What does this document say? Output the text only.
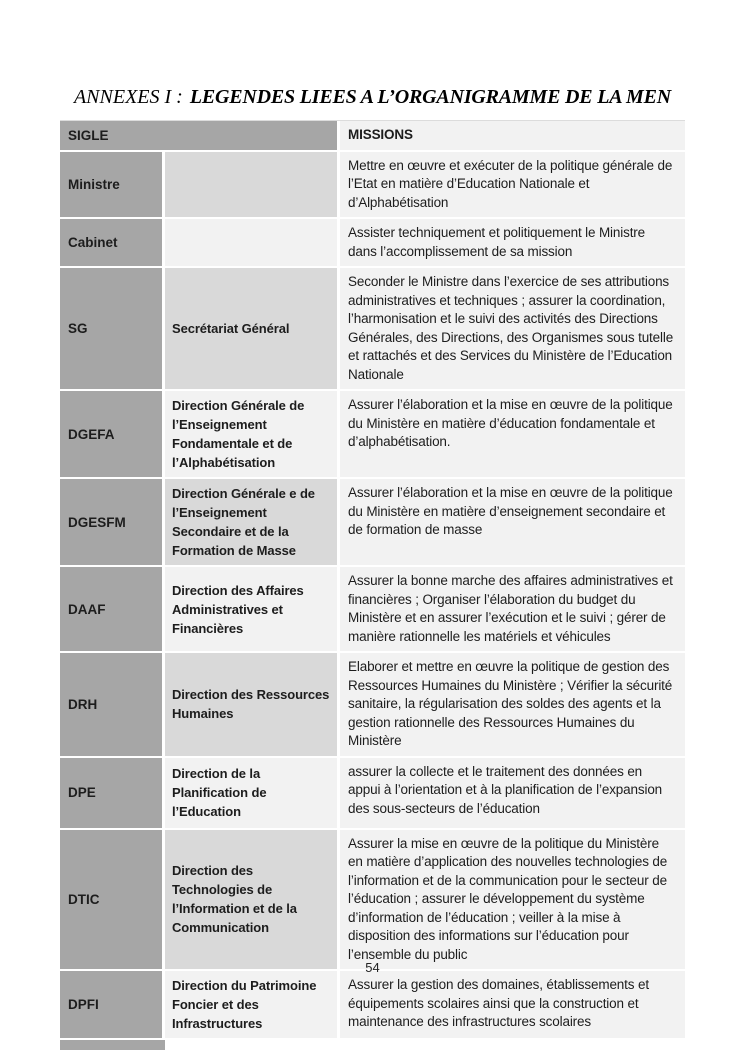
ANNEXES I : LEGENDES LIEES A L’ORGANIGRAMME DE LA MEN
SIGLE		MISSIONS
Ministre		Mettre en œuvre et exécuter de la politique générale de l’Etat en matière d’Education Nationale et d’Alphabétisation
Cabinet		Assister techniquement et politiquement le Ministre dans l’accomplissement de sa mission
SG	Secrétariat Général	Seconder le Ministre dans l’exercice de ses attributions administratives et techniques ; assurer la coordination, l’harmonisation et le suivi des activités des Directions Générales, des Directions, des Organismes sous tutelle et rattachés et des Services du Ministère de l’Education Nationale
DGEFA	Direction Générale de l’Enseignement Fondamentale et de l’Alphabétisation	Assurer l’élaboration et la mise en œuvre de la politique du Ministère en matière d’éducation fondamentale et d’alphabétisation.
DGESFM	Direction Générale e de l’Enseignement Secondaire et de la Formation de Masse	Assurer l’élaboration et la mise en œuvre de la politique du Ministère en matière d’enseignement secondaire et de formation de masse
DAAF	Direction des Affaires Administratives et Financières	Assurer la bonne marche des affaires administratives et financières ; Organiser l’élaboration du budget du Ministère et en assurer l’exécution et le suivi ; gérer de manière rationnelle les matériels et véhicules
DRH	Direction des Ressources Humaines	Elaborer et mettre en œuvre la politique de gestion des Ressources Humaines du Ministère ; Vérifier la sécurité sanitaire, la régularisation des soldes des agents et la gestion rationnelle des Ressources Humaines du Ministère
DPE	Direction de la Planification de l’Education	assurer la collecte et le traitement des données en appui à l’orientation et à la planification de l’expansion des sous-secteurs de l’éducation
DTIC	Direction des Technologies de l’Information et de la Communication	Assurer la mise en œuvre de la politique du Ministère en matière d’application des nouvelles technologies de l’information et de la communication pour le secteur de l’éducation ; assurer le développement du système d’information de l’éducation ; veiller à la mise à disposition des informations sur l’éducation pour l’ensemble du public
DPFI	Direction du Patrimoine Foncier et des Infrastructures	Assurer la gestion des domaines, établissements et équipements scolaires ainsi que la construction et maintenance des infrastructures scolaires
54
